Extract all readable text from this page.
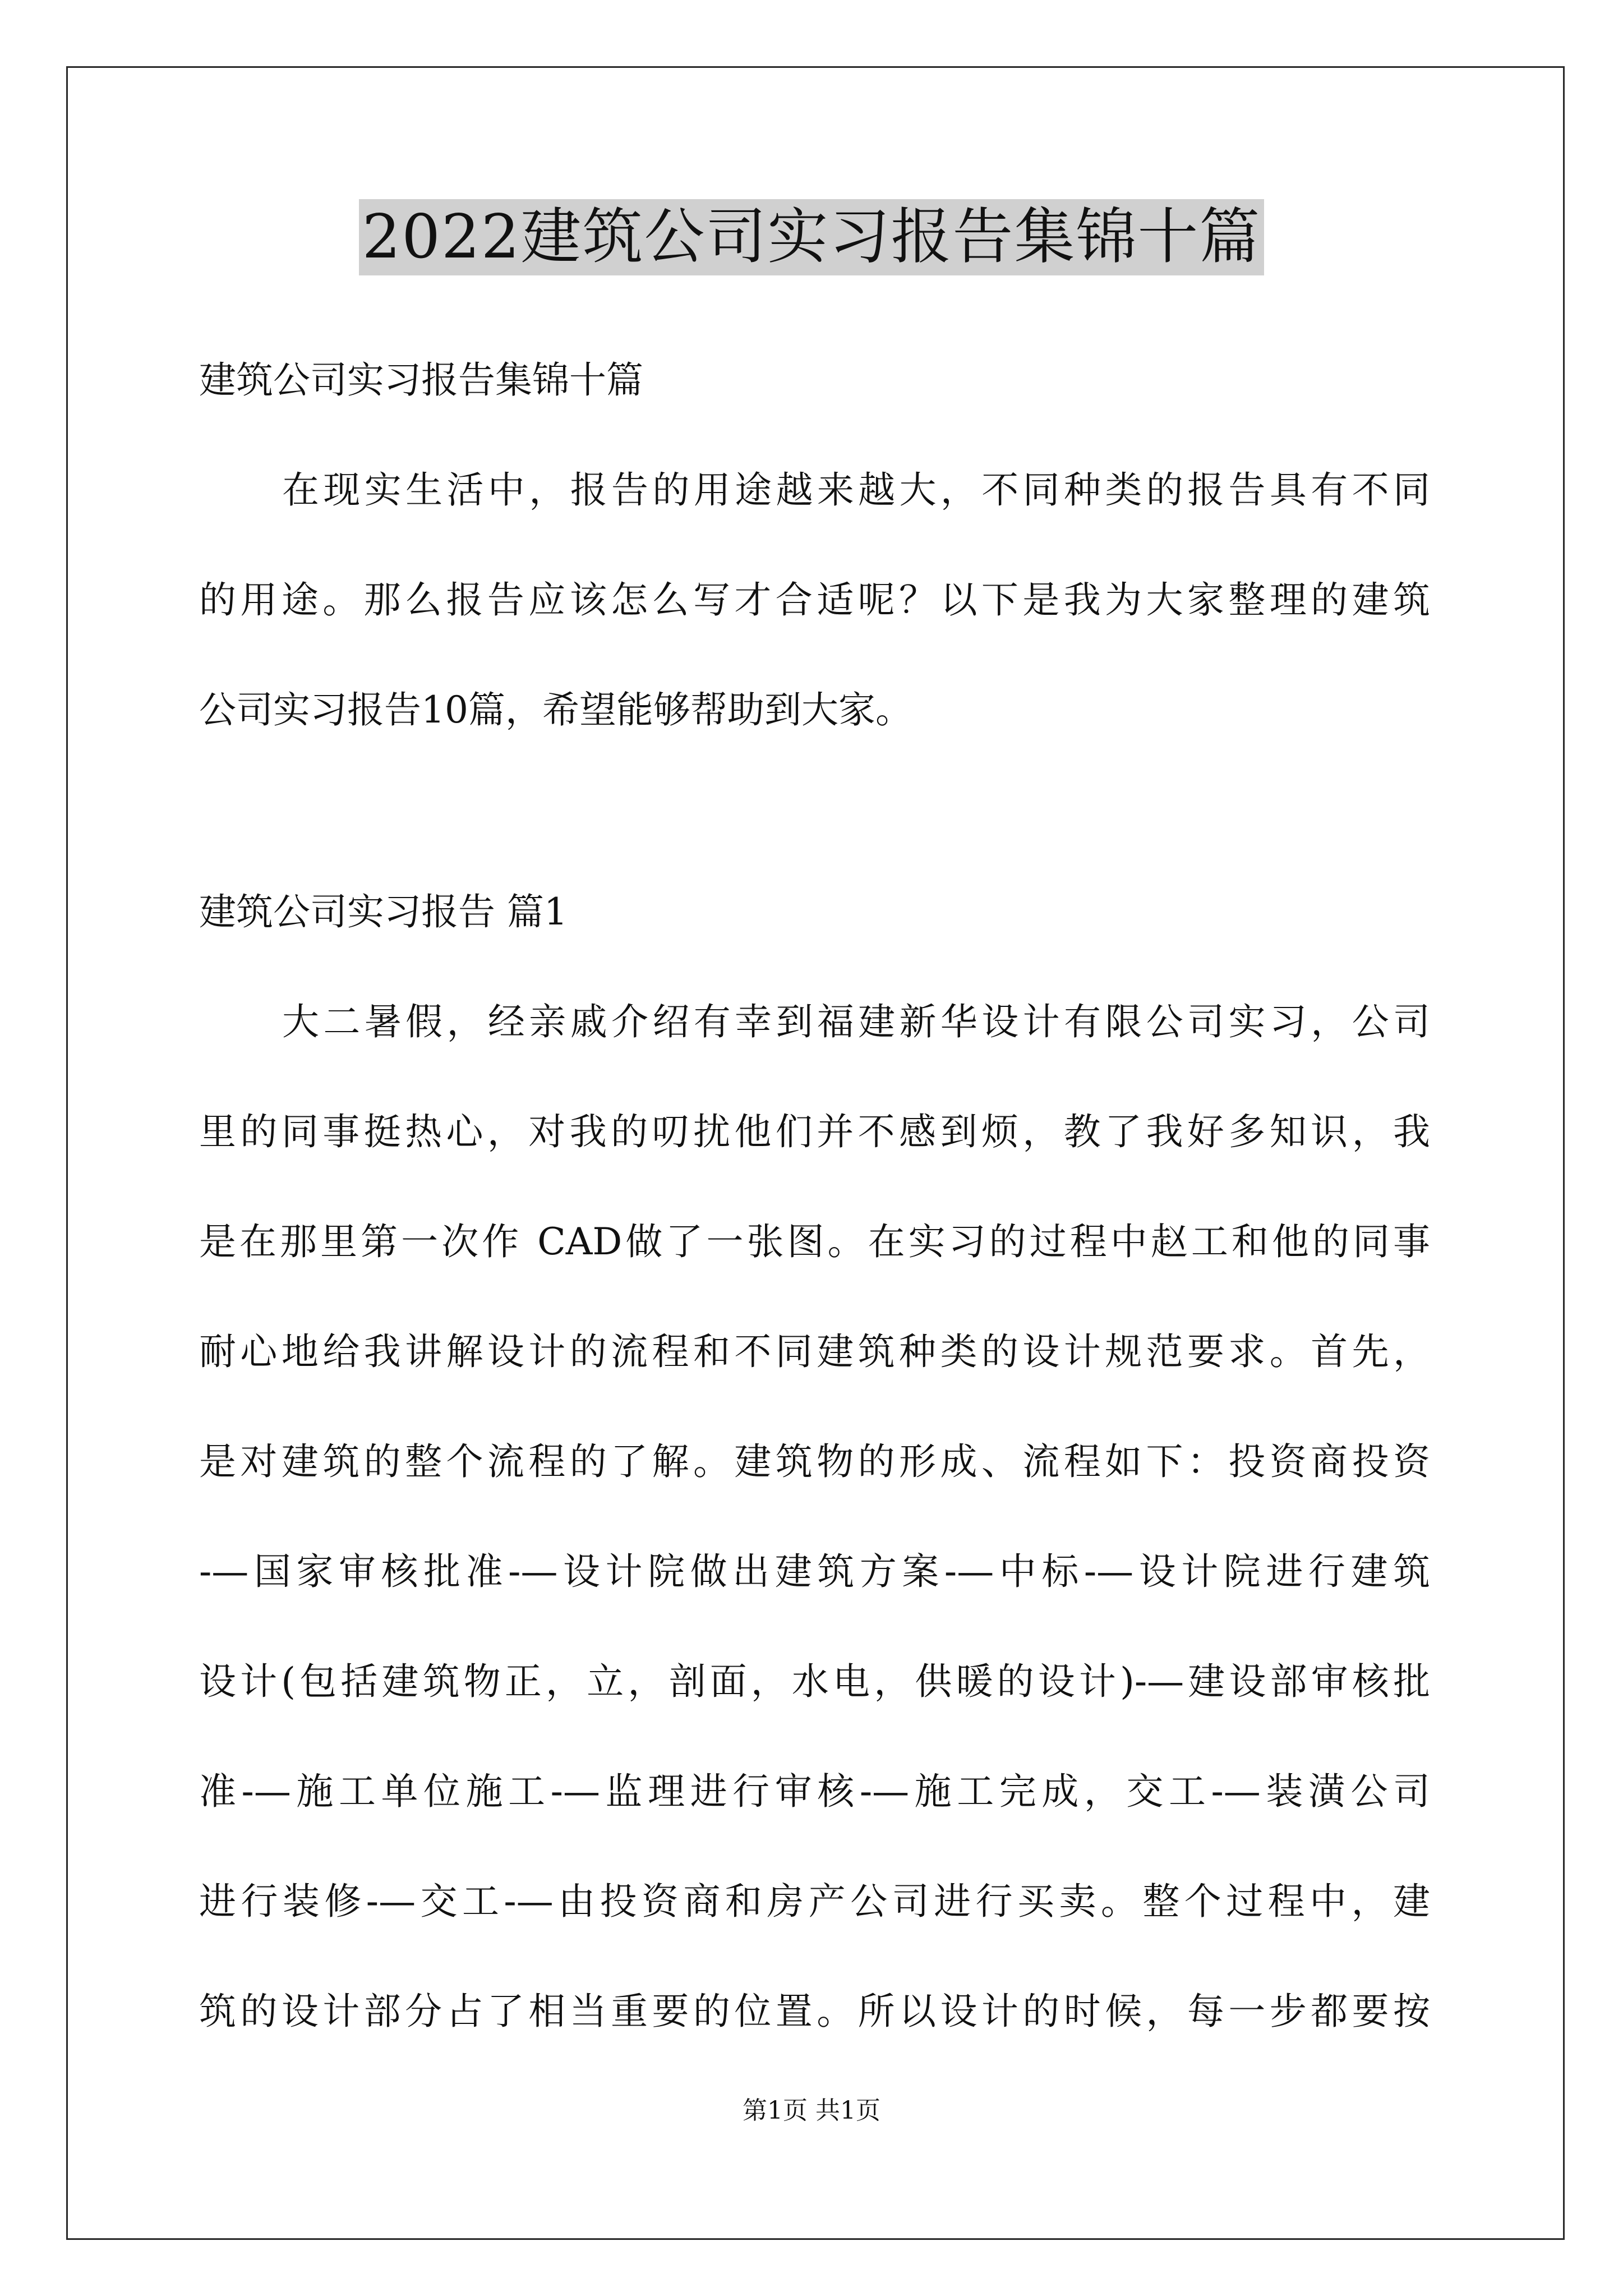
2022建筑公司实习报告集锦十篇
建筑公司实习报告集锦十篇
在现实生活中，报告的用途越来越大，不同种类的报告具有不同
的用途。那么报告应该怎么写才合适呢？以下是我为大家整理的建筑
公司实习报告10篇，希望能够帮助到大家。
建筑公司实习报告 篇1
大二暑假，经亲戚介绍有幸到福建新华设计有限公司实习，公司
里的同事挺热心，对我的叨扰他们并不感到烦，教了我好多知识，我
是在那里第一次作 CAD做了一张图。在实习的过程中赵工和他的同事
耐心地给我讲解设计的流程和不同建筑种类的设计规范要求。首先，
是对建筑的整个流程的了解。建筑物的形成、流程如下：投资商投资
-—国家审核批准-—设计院做出建筑方案-—中标-—设计院进行建筑
设计(包括建筑物正，立，剖面，水电，供暖的设计)-—建设部审核批
准-—施工单位施工-—监理进行审核-—施工完成，交工-—装潢公司
进行装修-—交工-—由投资商和房产公司进行买卖。整个过程中，建
筑的设计部分占了相当重要的位置。所以设计的时候，每一步都要按
第1页 共1页
